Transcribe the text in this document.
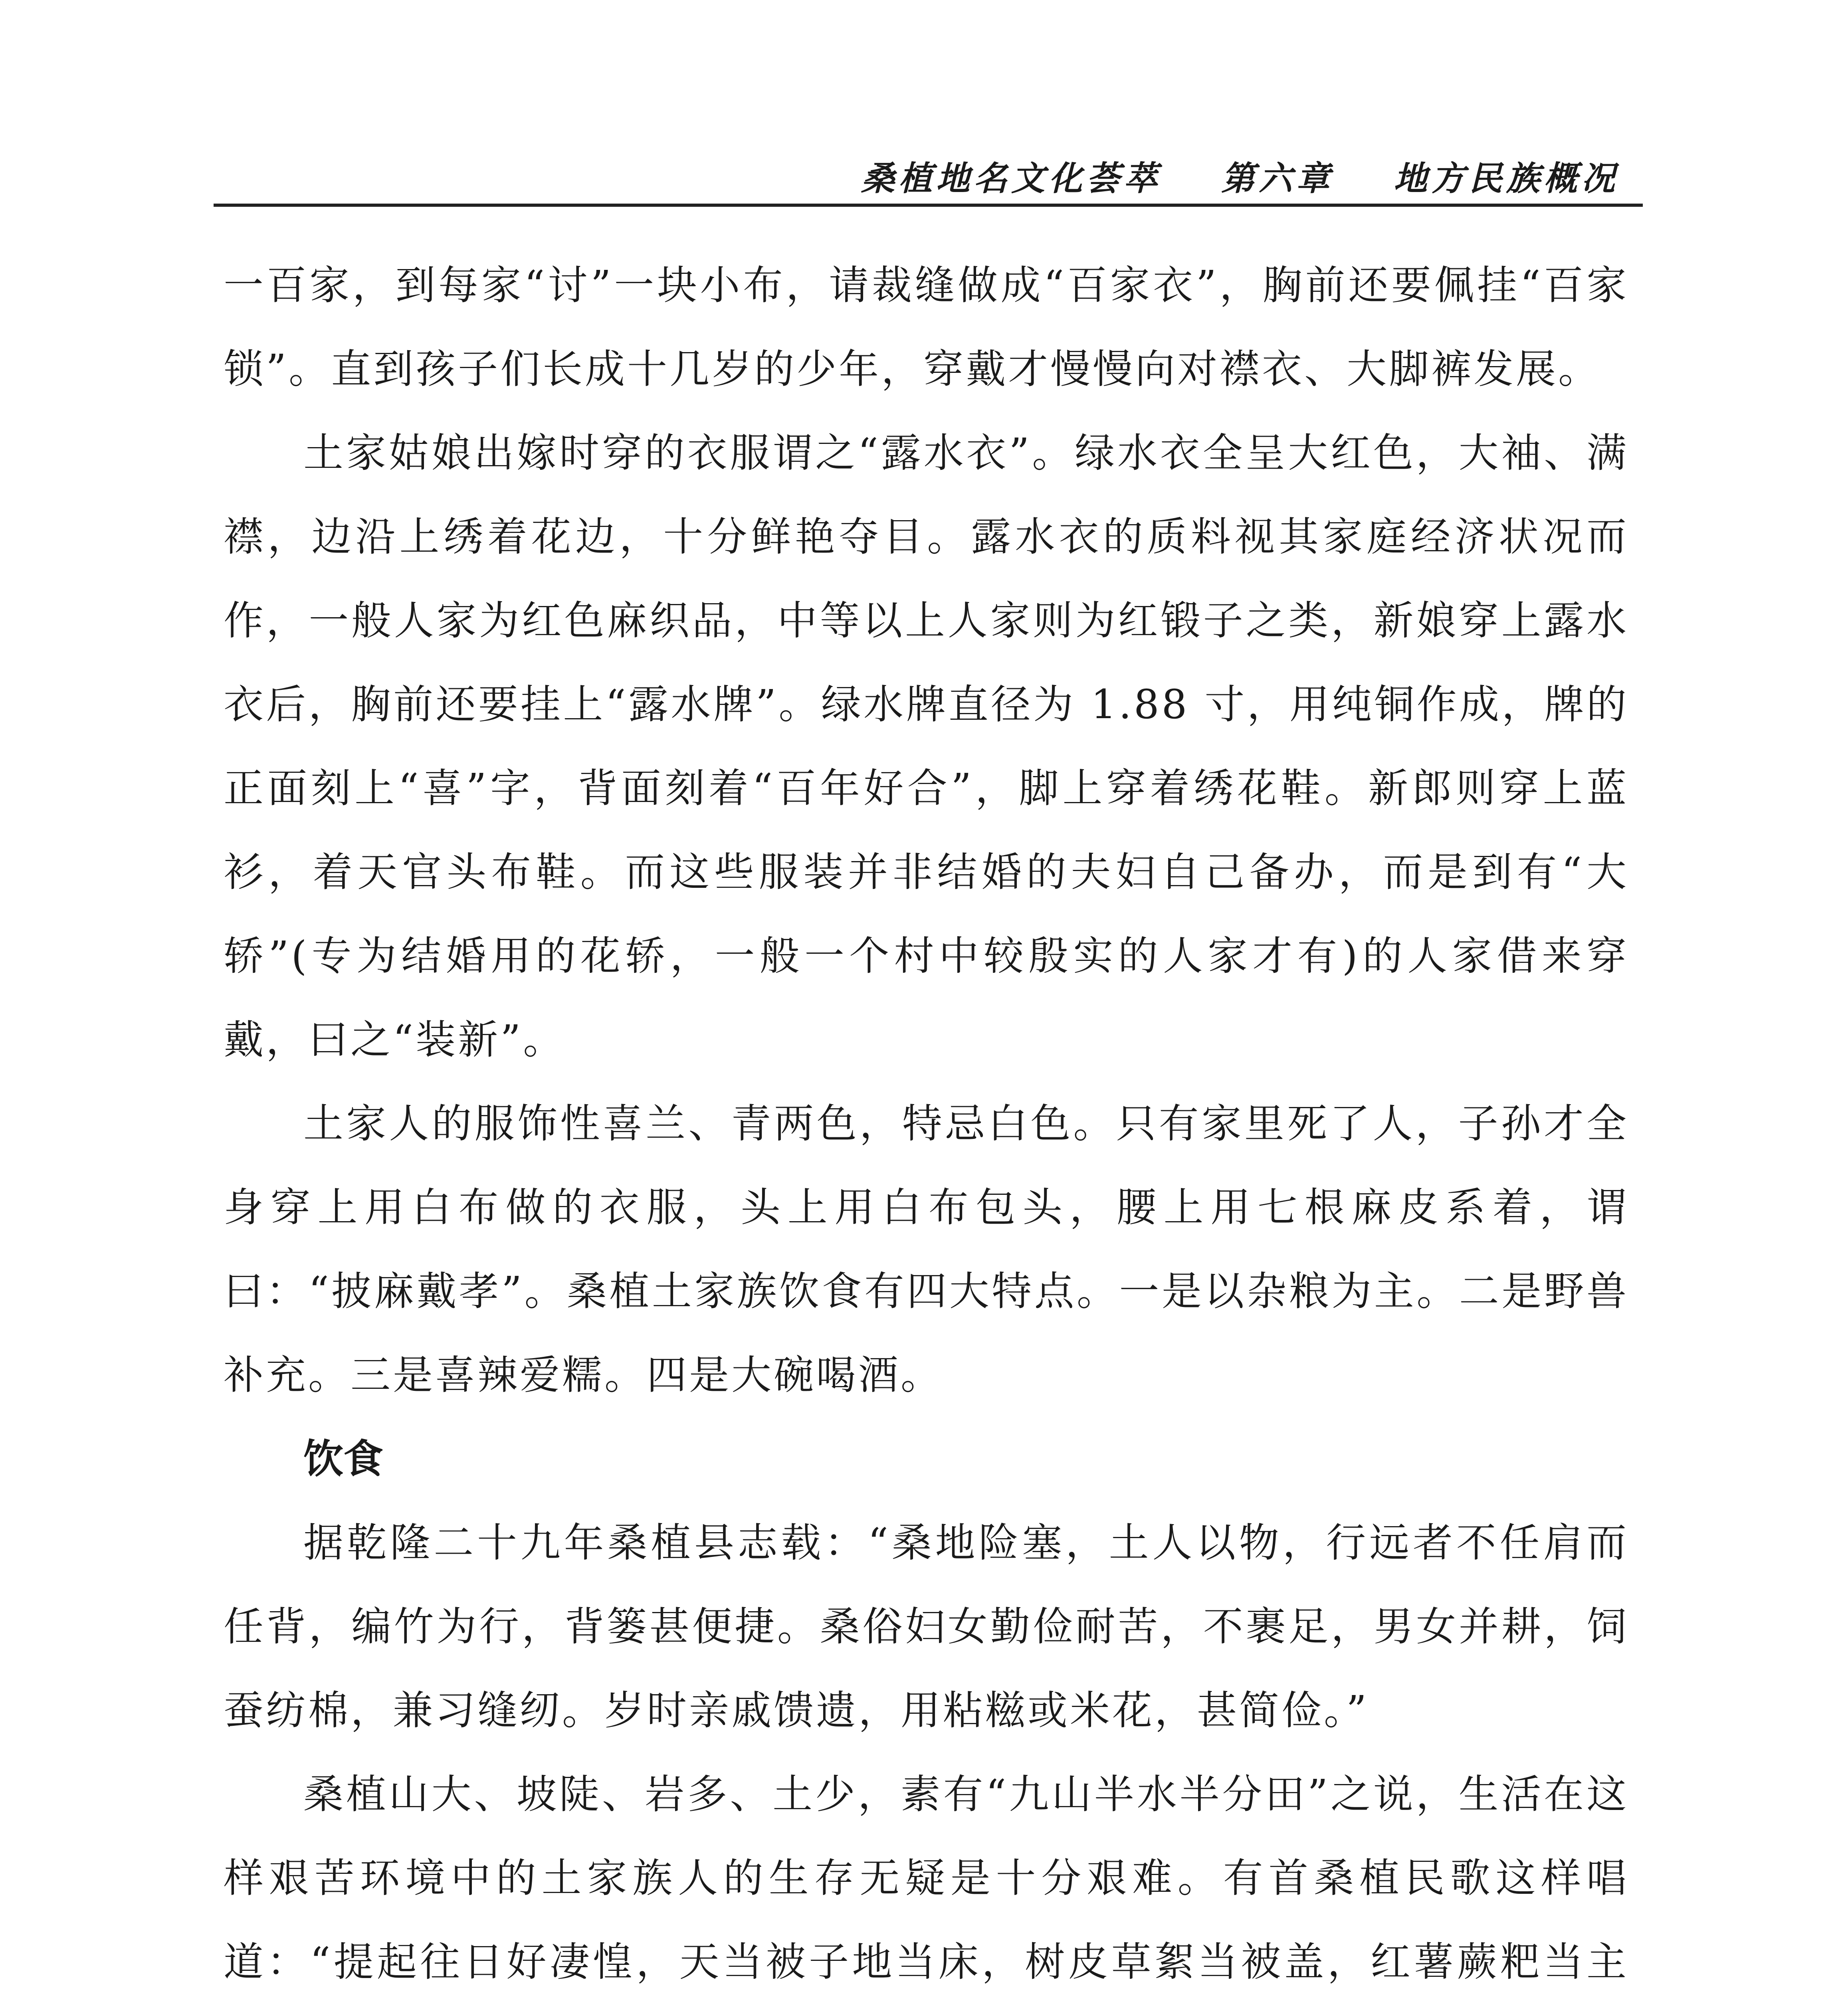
桑植地名文化荟萃 第六章 地方民族概况

一百家，到每家“讨”一块小布，请裁缝做成“百家衣”，胸前还要佩挂“百家锁”。直到孩子们长成十几岁的少年，穿戴才慢慢向对襟衣、大脚裤发展。

土家姑娘出嫁时穿的衣服谓之“露水衣”。绿水衣全呈大红色，大袖、满襟，边沿上绣着花边，十分鲜艳夺目。露水衣的质料视其家庭经济状况而作，一般人家为红色麻织品，中等以上人家则为红锻子之类，新娘穿上露水衣后，胸前还要挂上“露水牌”。绿水牌直径为 1.88 寸，用纯铜作成，牌的正面刻上“喜”字，背面刻着“百年好合”，脚上穿着绣花鞋。新郎则穿上蓝衫，着天官头布鞋。而这些服装并非结婚的夫妇自己备办，而是到有“大轿”(专为结婚用的花轿，一般一个村中较殷实的人家才有)的人家借来穿戴，曰之“装新”。

土家人的服饰性喜兰、青两色，特忌白色。只有家里死了人，子孙才全身穿上用白布做的衣服，头上用白布包头，腰上用七根麻皮系着，谓曰：“披麻戴孝”。桑植土家族饮食有四大特点。一是以杂粮为主。二是野兽补充。三是喜辣爱糯。四是大碗喝酒。

饮食

据乾隆二十九年桑植县志载：“桑地险塞，土人以物，行远者不任肩而任背，编竹为行，背篓甚便捷。桑俗妇女勤俭耐苦，不裹足，男女并耕，饲蚕纺棉，兼习缝纫。岁时亲戚馈遗，用粘糍或米花，甚简俭。”

桑植山大、坡陡、岩多、土少，素有“九山半水半分田”之说，生活在这样艰苦环境中的土家族人的生存无疑是十分艰难。有首桑植民歌这样唱道：“提起往日好凄惶，天当被子地当床，树皮草絮当被盖，红薯蕨粑当主
